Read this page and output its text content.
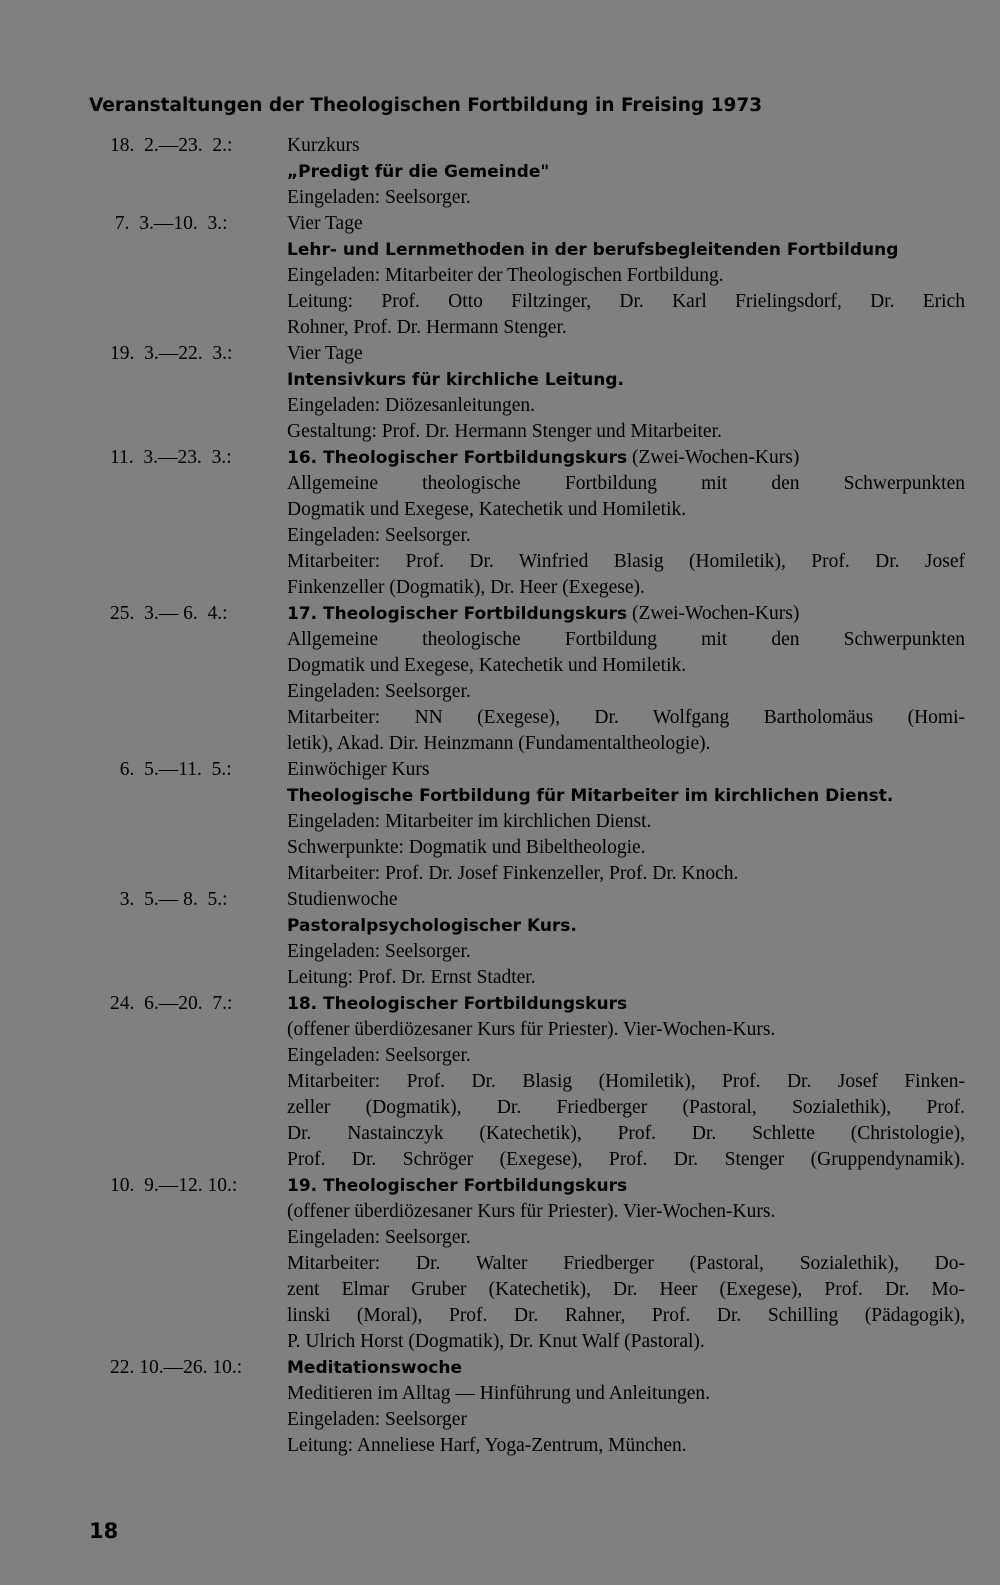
Veranstaltungen der Theologischen Fortbildung in Freising 1973
18.  2.—23.  2.:	Kurzkurs
„Predigt für die Gemeinde"
Eingeladen: Seelsorger.
7.  3.—10.  3.:	Vier Tage
Lehr- und Lernmethoden in der berufsbegleitenden Fortbildung
Eingeladen: Mitarbeiter der Theologischen Fortbildung.
Leitung: Prof. Otto Filtzinger, Dr. Karl Frielingsdorf, Dr. Erich
Rohner, Prof. Dr. Hermann Stenger.
19.  3.—22.  3.:	Vier Tage
Intensivkurs für kirchliche Leitung.
Eingeladen: Diözesanleitungen.
Gestaltung: Prof. Dr. Hermann Stenger und Mitarbeiter.
11.  3.—23.  3.:	16. Theologischer Fortbildungskurs (Zwei-Wochen-Kurs)
Allgemeine theologische Fortbildung mit den Schwerpunkten
Dogmatik und Exegese, Katechetik und Homiletik.
Eingeladen: Seelsorger.
Mitarbeiter: Prof. Dr. Winfried Blasig (Homiletik), Prof. Dr. Josef
Finkenzeller (Dogmatik), Dr. Heer (Exegese).
25.  3.— 6.  4.:	17. Theologischer Fortbildungskurs (Zwei-Wochen-Kurs)
Allgemeine theologische Fortbildung mit den Schwerpunkten
Dogmatik und Exegese, Katechetik und Homiletik.
Eingeladen: Seelsorger.
Mitarbeiter: NN (Exegese), Dr. Wolfgang Bartholomäus (Homi-
letik), Akad. Dir. Heinzmann (Fundamentaltheologie).
6.  5.—11.  5.:	Einwöchiger Kurs
Theologische Fortbildung für Mitarbeiter im kirchlichen Dienst.
Eingeladen: Mitarbeiter im kirchlichen Dienst.
Schwerpunkte: Dogmatik und Bibeltheologie.
Mitarbeiter: Prof. Dr. Josef Finkenzeller, Prof. Dr. Knoch.
3.  5.— 8.  5.:	Studienwoche
Pastoralpsychologischer Kurs.
Eingeladen: Seelsorger.
Leitung: Prof. Dr. Ernst Stadter.
24.  6.—20.  7.:	18. Theologischer Fortbildungskurs
(offener überdiözesaner Kurs für Priester). Vier-Wochen-Kurs.
Eingeladen: Seelsorger.
Mitarbeiter: Prof. Dr. Blasig (Homiletik), Prof. Dr. Josef Finken-
zeller (Dogmatik), Dr. Friedberger (Pastoral, Sozialethik), Prof.
Dr. Nastainczyk (Katechetik), Prof. Dr. Schlette (Christologie),
Prof. Dr. Schröger (Exegese), Prof. Dr. Stenger (Gruppendynamik).
10.  9.—12. 10.:	19. Theologischer Fortbildungskurs
(offener überdiözesaner Kurs für Priester). Vier-Wochen-Kurs.
Eingeladen: Seelsorger.
Mitarbeiter: Dr. Walter Friedberger (Pastoral, Sozialethik), Do-
zent Elmar Gruber (Katechetik), Dr. Heer (Exegese), Prof. Dr. Mo-
linski (Moral), Prof. Dr. Rahner, Prof. Dr. Schilling (Pädagogik),
P. Ulrich Horst (Dogmatik), Dr. Knut Walf (Pastoral).
22. 10.—26. 10.:	Meditationswoche
Meditieren im Alltag — Hinführung und Anleitungen.
Eingeladen: Seelsorger
Leitung: Anneliese Harf, Yoga-Zentrum, München.
18
